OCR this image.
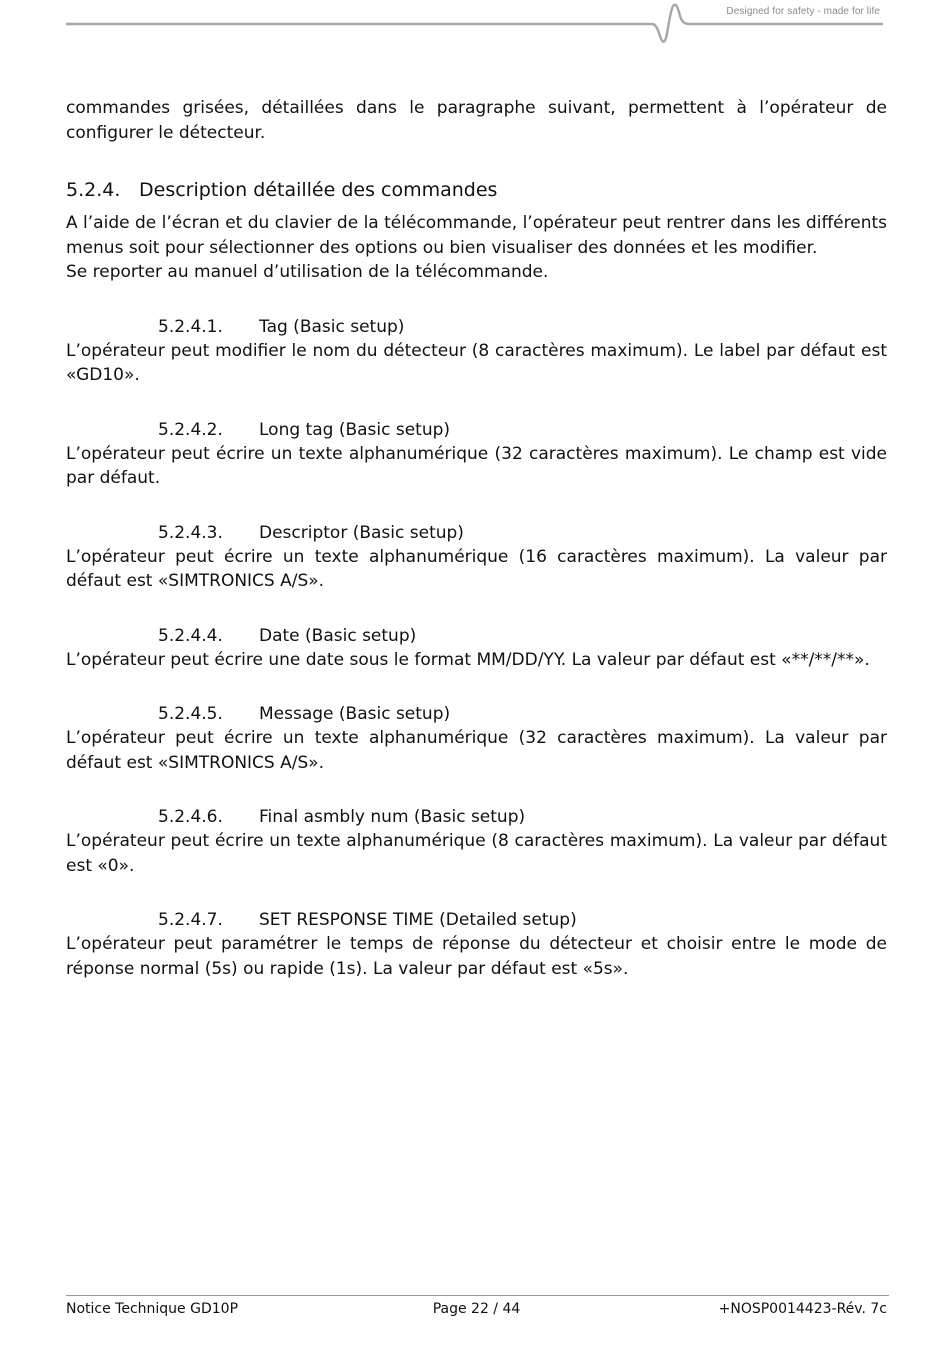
Designed for safety - made for life

commandes grisées, détaillées dans le paragraphe suivant, permettent à l’opérateur de configurer le détecteur.

5.2.4. Description détaillée des commandes

A l’aide de l’écran et du clavier de la télécommande, l’opérateur peut rentrer dans les différents menus soit pour sélectionner des options ou bien visualiser des données et les modifier.

Se reporter au manuel d’utilisation de la télécommande.

5.2.4.1. Tag (Basic setup)

L’opérateur peut modifier le nom du détecteur (8 caractères maximum). Le label par défaut est «GD10».

5.2.4.2. Long tag (Basic setup)

L’opérateur peut écrire un texte alphanumérique (32 caractères maximum). Le champ est vide par défaut.

5.2.4.3. Descriptor (Basic setup)

L’opérateur peut écrire un texte alphanumérique (16 caractères maximum). La valeur par défaut est «SIMTRONICS A/S».

5.2.4.4. Date (Basic setup)

L’opérateur peut écrire une date sous le format MM/DD/YY. La valeur par défaut est «**/**/**».

5.2.4.5. Message (Basic setup)

L’opérateur peut écrire un texte alphanumérique (32 caractères maximum). La valeur par défaut est «SIMTRONICS A/S».

5.2.4.6. Final asmbly num (Basic setup)

L’opérateur peut écrire un texte alphanumérique (8 caractères maximum). La valeur par défaut est «0».

5.2.4.7. SET RESPONSE TIME (Detailed setup)

L’opérateur peut paramétrer le temps de réponse du détecteur et choisir entre le mode de réponse normal (5s) ou rapide (1s). La valeur par défaut est «5s».

Page 22 / 44
Notice Technique GD10P	+NOSP0014423-Rév. 7c
